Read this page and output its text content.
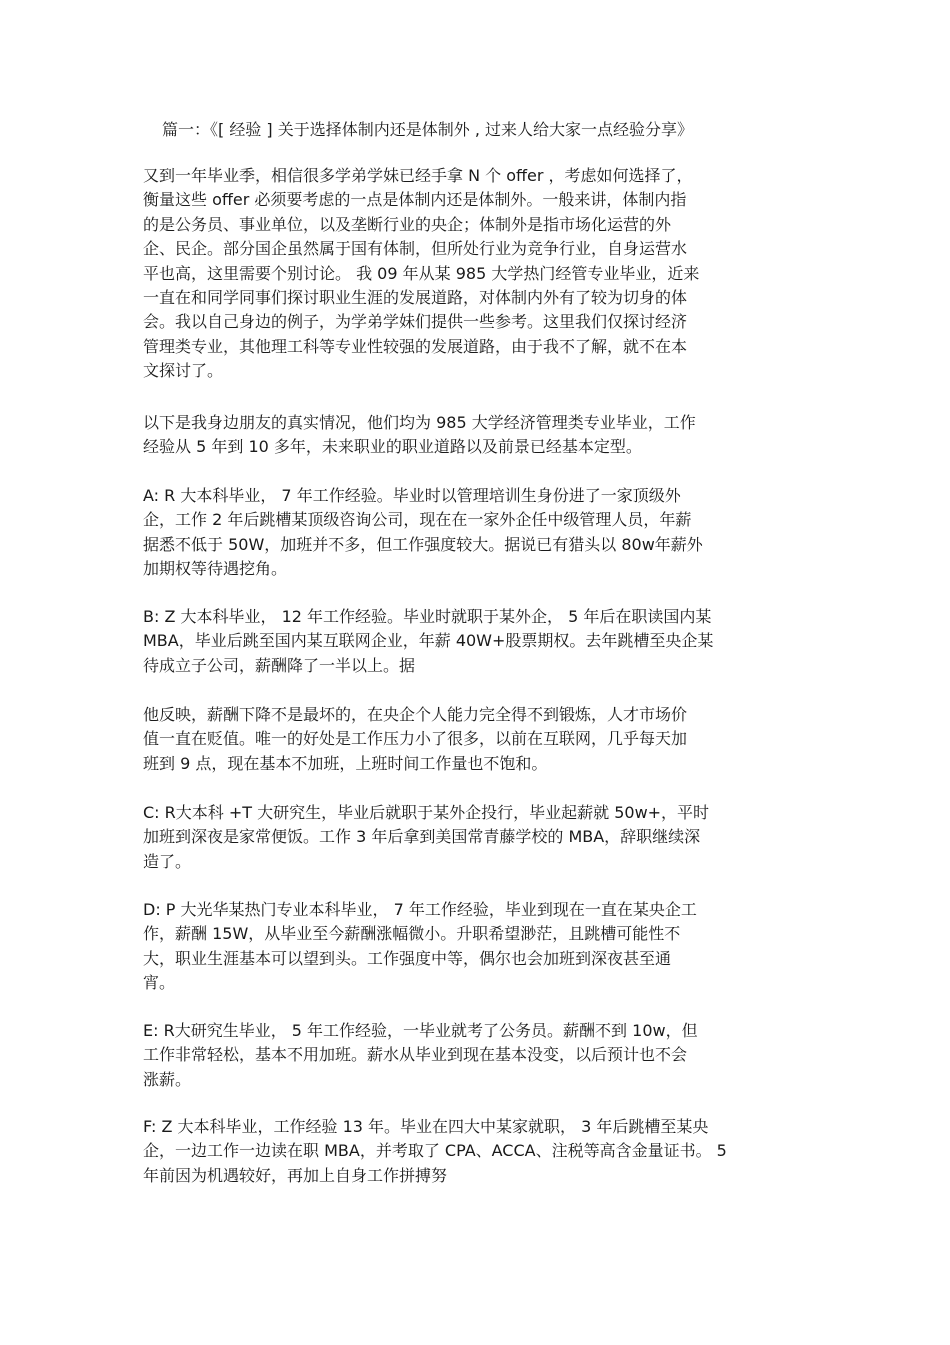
篇一：《[ 经验 ] 关于选择体制内还是体制外 , 过来人给大家一点经验分享》
又到一年毕业季，相信很多学弟学妹已经手拿 N 个 offer ，考虑如何选择了，
衡量这些 offer 必须要考虑的一点是体制内还是体制外。一般来讲，体制内指
的是公务员、事业单位，以及垄断行业的央企；体制外是指市场化运营的外
企、民企。部分国企虽然属于国有体制，但所处行业为竞争行业，自身运营水
平也高，这里需要个别讨论。 我 09 年从某 985 大学热门经管专业毕业，近来
一直在和同学同事们探讨职业生涯的发展道路，对体制内外有了较为切身的体
会。我以自己身边的例子，为学弟学妹们提供一些参考。这里我们仅探讨经济
管理类专业，其他理工科等专业性较强的发展道路，由于我不了解，就不在本
文探讨了。
以下是我身边朋友的真实情况，他们均为 985 大学经济管理类专业毕业，工作
经验从 5 年到 10 多年，未来职业的职业道路以及前景已经基本定型。
A: R 大本科毕业， 7 年工作经验。毕业时以管理培训生身份进了一家顶级外
企，工作 2 年后跳槽某顶级咨询公司，现在在一家外企任中级管理人员，年薪
据悉不低于 50W，加班并不多，但工作强度较大。据说已有猎头以 80w年薪外
加期权等待遇挖角。
B: Z 大本科毕业， 12 年工作经验。毕业时就职于某外企， 5 年后在职读国内某
MBA，毕业后跳至国内某互联网企业，年薪 40W+股票期权。去年跳槽至央企某
待成立子公司，薪酬降了一半以上。据
他反映，薪酬下降不是最坏的，在央企个人能力完全得不到锻炼，人才市场价
值一直在贬值。唯一的好处是工作压力小了很多，以前在互联网，几乎每天加
班到 9 点，现在基本不加班，上班时间工作量也不饱和。
C: R大本科 +T 大研究生，毕业后就职于某外企投行，毕业起薪就 50w+，平时
加班到深夜是家常便饭。工作 3 年后拿到美国常青藤学校的 MBA，辞职继续深
造了。
D: P 大光华某热门专业本科毕业， 7 年工作经验，毕业到现在一直在某央企工
作，薪酬 15W，从毕业至今薪酬涨幅微小。升职希望渺茫，且跳槽可能性不
大，职业生涯基本可以望到头。工作强度中等，偶尔也会加班到深夜甚至通
宵。
E: R大研究生毕业， 5 年工作经验，一毕业就考了公务员。薪酬不到 10w，但
工作非常轻松，基本不用加班。薪水从毕业到现在基本没变，以后预计也不会
涨薪。
F: Z 大本科毕业，工作经验 13 年。毕业在四大中某家就职， 3 年后跳槽至某央
企，一边工作一边读在职 MBA，并考取了 CPA、ACCA、注税等高含金量证书。 5
年前因为机遇较好，再加上自身工作拼搏努
